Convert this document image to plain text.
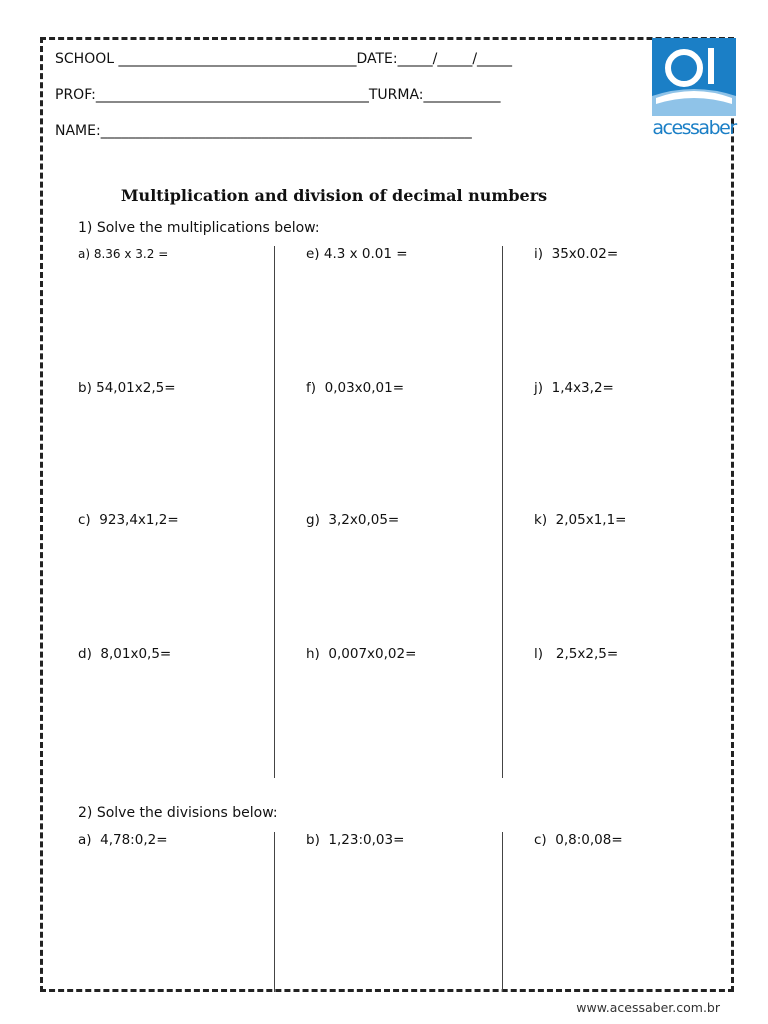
SCHOOL __________________________________DATE:_____/_____/_____
PROF:_______________________________________TURMA:___________
NAME:_____________________________________________________	acessaber
Multiplication and division of decimal numbers
1) Solve the multiplications below:
a) 8.36 x 3.2 =	e) 4.3 x 0.01 =	i)  35x0.02=
b) 54,01x2,5=	f)  0,03x0,01=	j)  1,4x3,2=
c)  923,4x1,2=	g)  3,2x0,05=	k)  2,05x1,1=
d)  8,01x0,5=	h)  0,007x0,02=	l)   2,5x2,5=
2) Solve the divisions below:
a)  4,78:0,2=	b)  1,23:0,03=	c)  0,8:0,08=
www.acessaber.com.br
